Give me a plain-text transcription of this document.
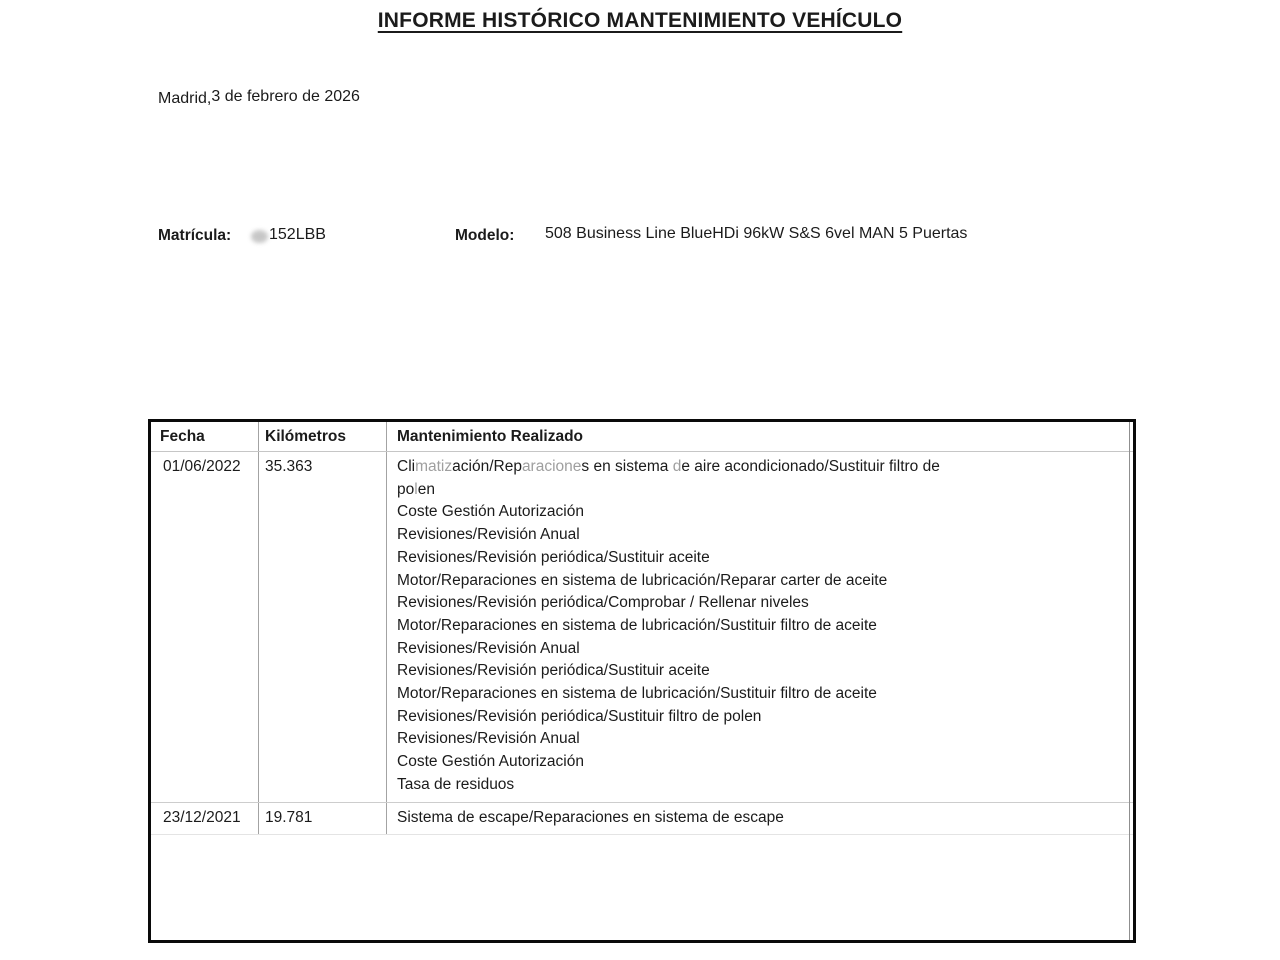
INFORME HISTÓRICO MANTENIMIENTO VEHÍCULO
Madrid,3 de febrero de 2026
Matrícula: 152LBB	Modelo: 508 Business Line BlueHDi 96kW S&S 6vel MAN 5 Puertas
Fecha	Kilómetros	Mantenimiento Realizado
01/06/2022	35.363	Climatización/Reparaciones en sistema de aire acondicionado/Sustituir filtro de
polen
Coste Gestión Autorización
Revisiones/Revisión Anual
Revisiones/Revisión periódica/Sustituir aceite
Motor/Reparaciones en sistema de lubricación/Reparar carter de aceite
Revisiones/Revisión periódica/Comprobar / Rellenar niveles
Motor/Reparaciones en sistema de lubricación/Sustituir filtro de aceite
Revisiones/Revisión Anual
Revisiones/Revisión periódica/Sustituir aceite
Motor/Reparaciones en sistema de lubricación/Sustituir filtro de aceite
Revisiones/Revisión periódica/Sustituir filtro de polen
Revisiones/Revisión Anual
Coste Gestión Autorización
Tasa de residuos
23/12/2021	19.781	Sistema de escape/Reparaciones en sistema de escape
